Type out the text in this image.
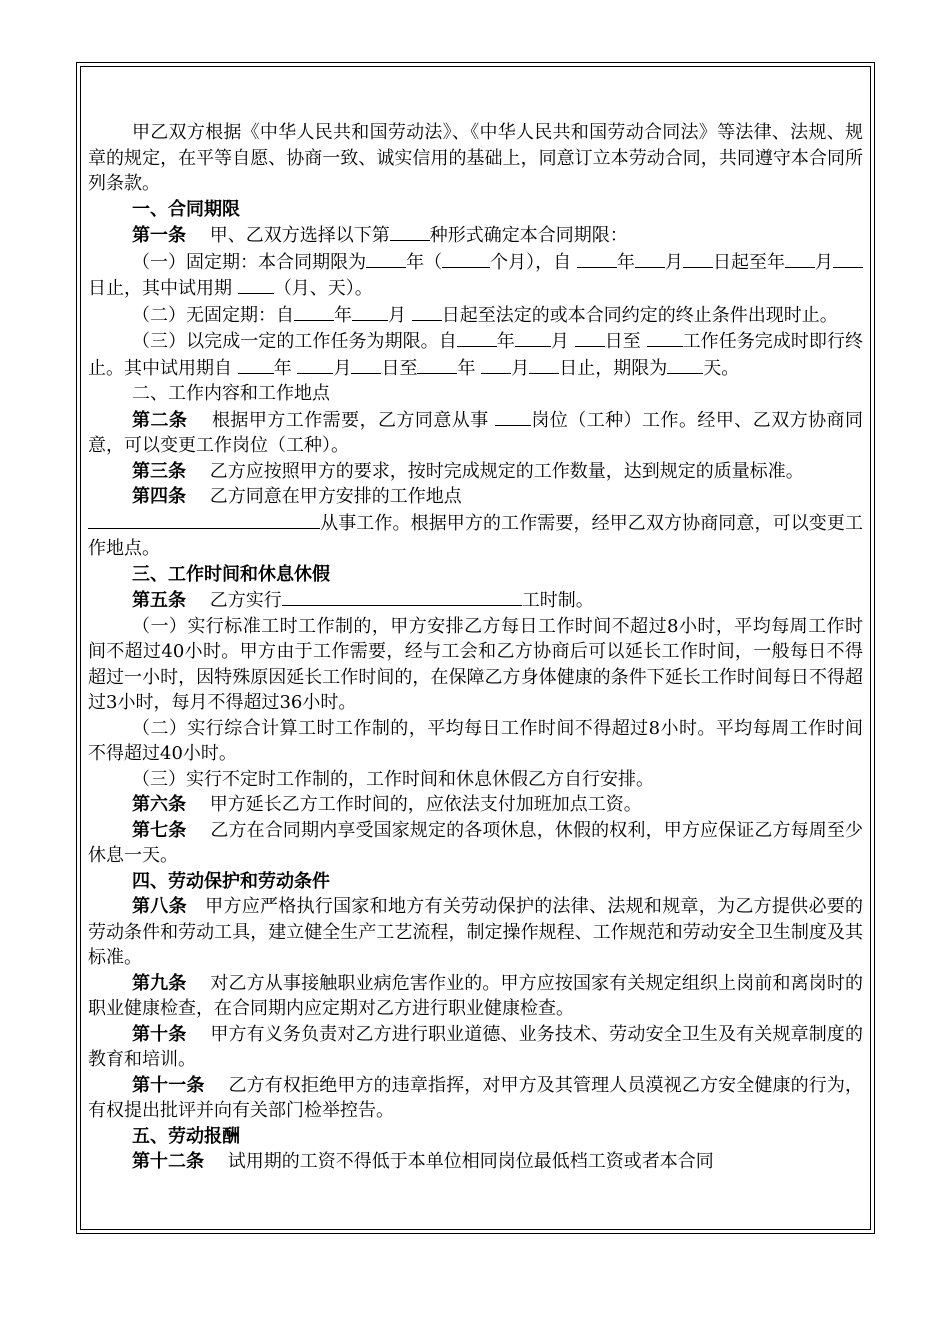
甲乙双方根据《中华人民共和国劳动法》、《中华人民共和国劳动合同法》等法律、法规、规章的规定，在平等自愿、协商一致、诚实信用的基础上，同意订立本劳动合同，共同遵守本合同所列条款。

一、合同期限

第一条　 甲、乙双方选择以下第 种形式确定本合同期限：

（一）固定期：本合同期限为 年（	个月），自	年 月 日起至年 月日止，其中试用期 （月、天）。

（二）无固定期：自 年 月 日起至法定的或本合同约定的终止条件出现时止。

（三）以完成一定的工作任务为期限。自 年 月 日至 工作任务完成时即行终止。其中试用期自 年 月 日至 年 月 日止，期限为 天。

二、工作内容和工作地点

第二条　 根据甲方工作需要，乙方同意从事 岗位（工种）工作。经甲、乙双方协商同意，可以变更工作岗位（工种）。

第三条　 乙方应按照甲方的要求，按时完成规定的工作数量，达到规定的质量标准。

第四条　 乙方同意在甲方安排的工作地点
从事工作。根据甲方的工作需要，经甲乙双方协商同意，可以变更工作地点。

三、工作时间和休息休假

第五条　 乙方实行	工时制。

（一）实行标准工时工作制的，甲方安排乙方每日工作时间不超过8小时，平均每周工作时间不超过40小时。甲方由于工作需要，经与工会和乙方协商后可以延长工作时间，一般每日不得超过一小时，因特殊原因延长工作时间的，在保障乙方身体健康的条件下延长工作时间每日不得超过3小时，每月不得超过36小时。

（二）实行综合计算工时工作制的，平均每日工作时间不得超过8小时。平均每周工作时间不得超过40小时。

（三）实行不定时工作制的，工作时间和休息休假乙方自行安排。

第六条　 甲方延长乙方工作时间的，应依法支付加班加点工资。

第七条　 乙方在合同期内享受国家规定的各项休息，休假的权利，甲方应保证乙方每周至少休息一天。

四、劳动保护和劳动条件

第八条　 甲方应严格执行国家和地方有关劳动保护的法律、法规和规章，为乙方提供必要的劳动条件和劳动工具，建立健全生产工艺流程，制定操作规程、工作规范和劳动安全卫生制度及其标准。

第九条　 对乙方从事接触职业病危害作业的。甲方应按国家有关规定组织上岗前和离岗时的职业健康检查，在合同期内应定期对乙方进行职业健康检查。

第十条　 甲方有义务负责对乙方进行职业道德、业务技术、劳动安全卫生及有关规章制度的教育和培训。

第十一条　 乙方有权拒绝甲方的违章指挥，对甲方及其管理人员漠视乙方安全健康的行为，有权提出批评并向有关部门检举控告。

五、劳动报酬

第十二条　 试用期的工资不得低于本单位相同岗位最低档工资或者本合同
